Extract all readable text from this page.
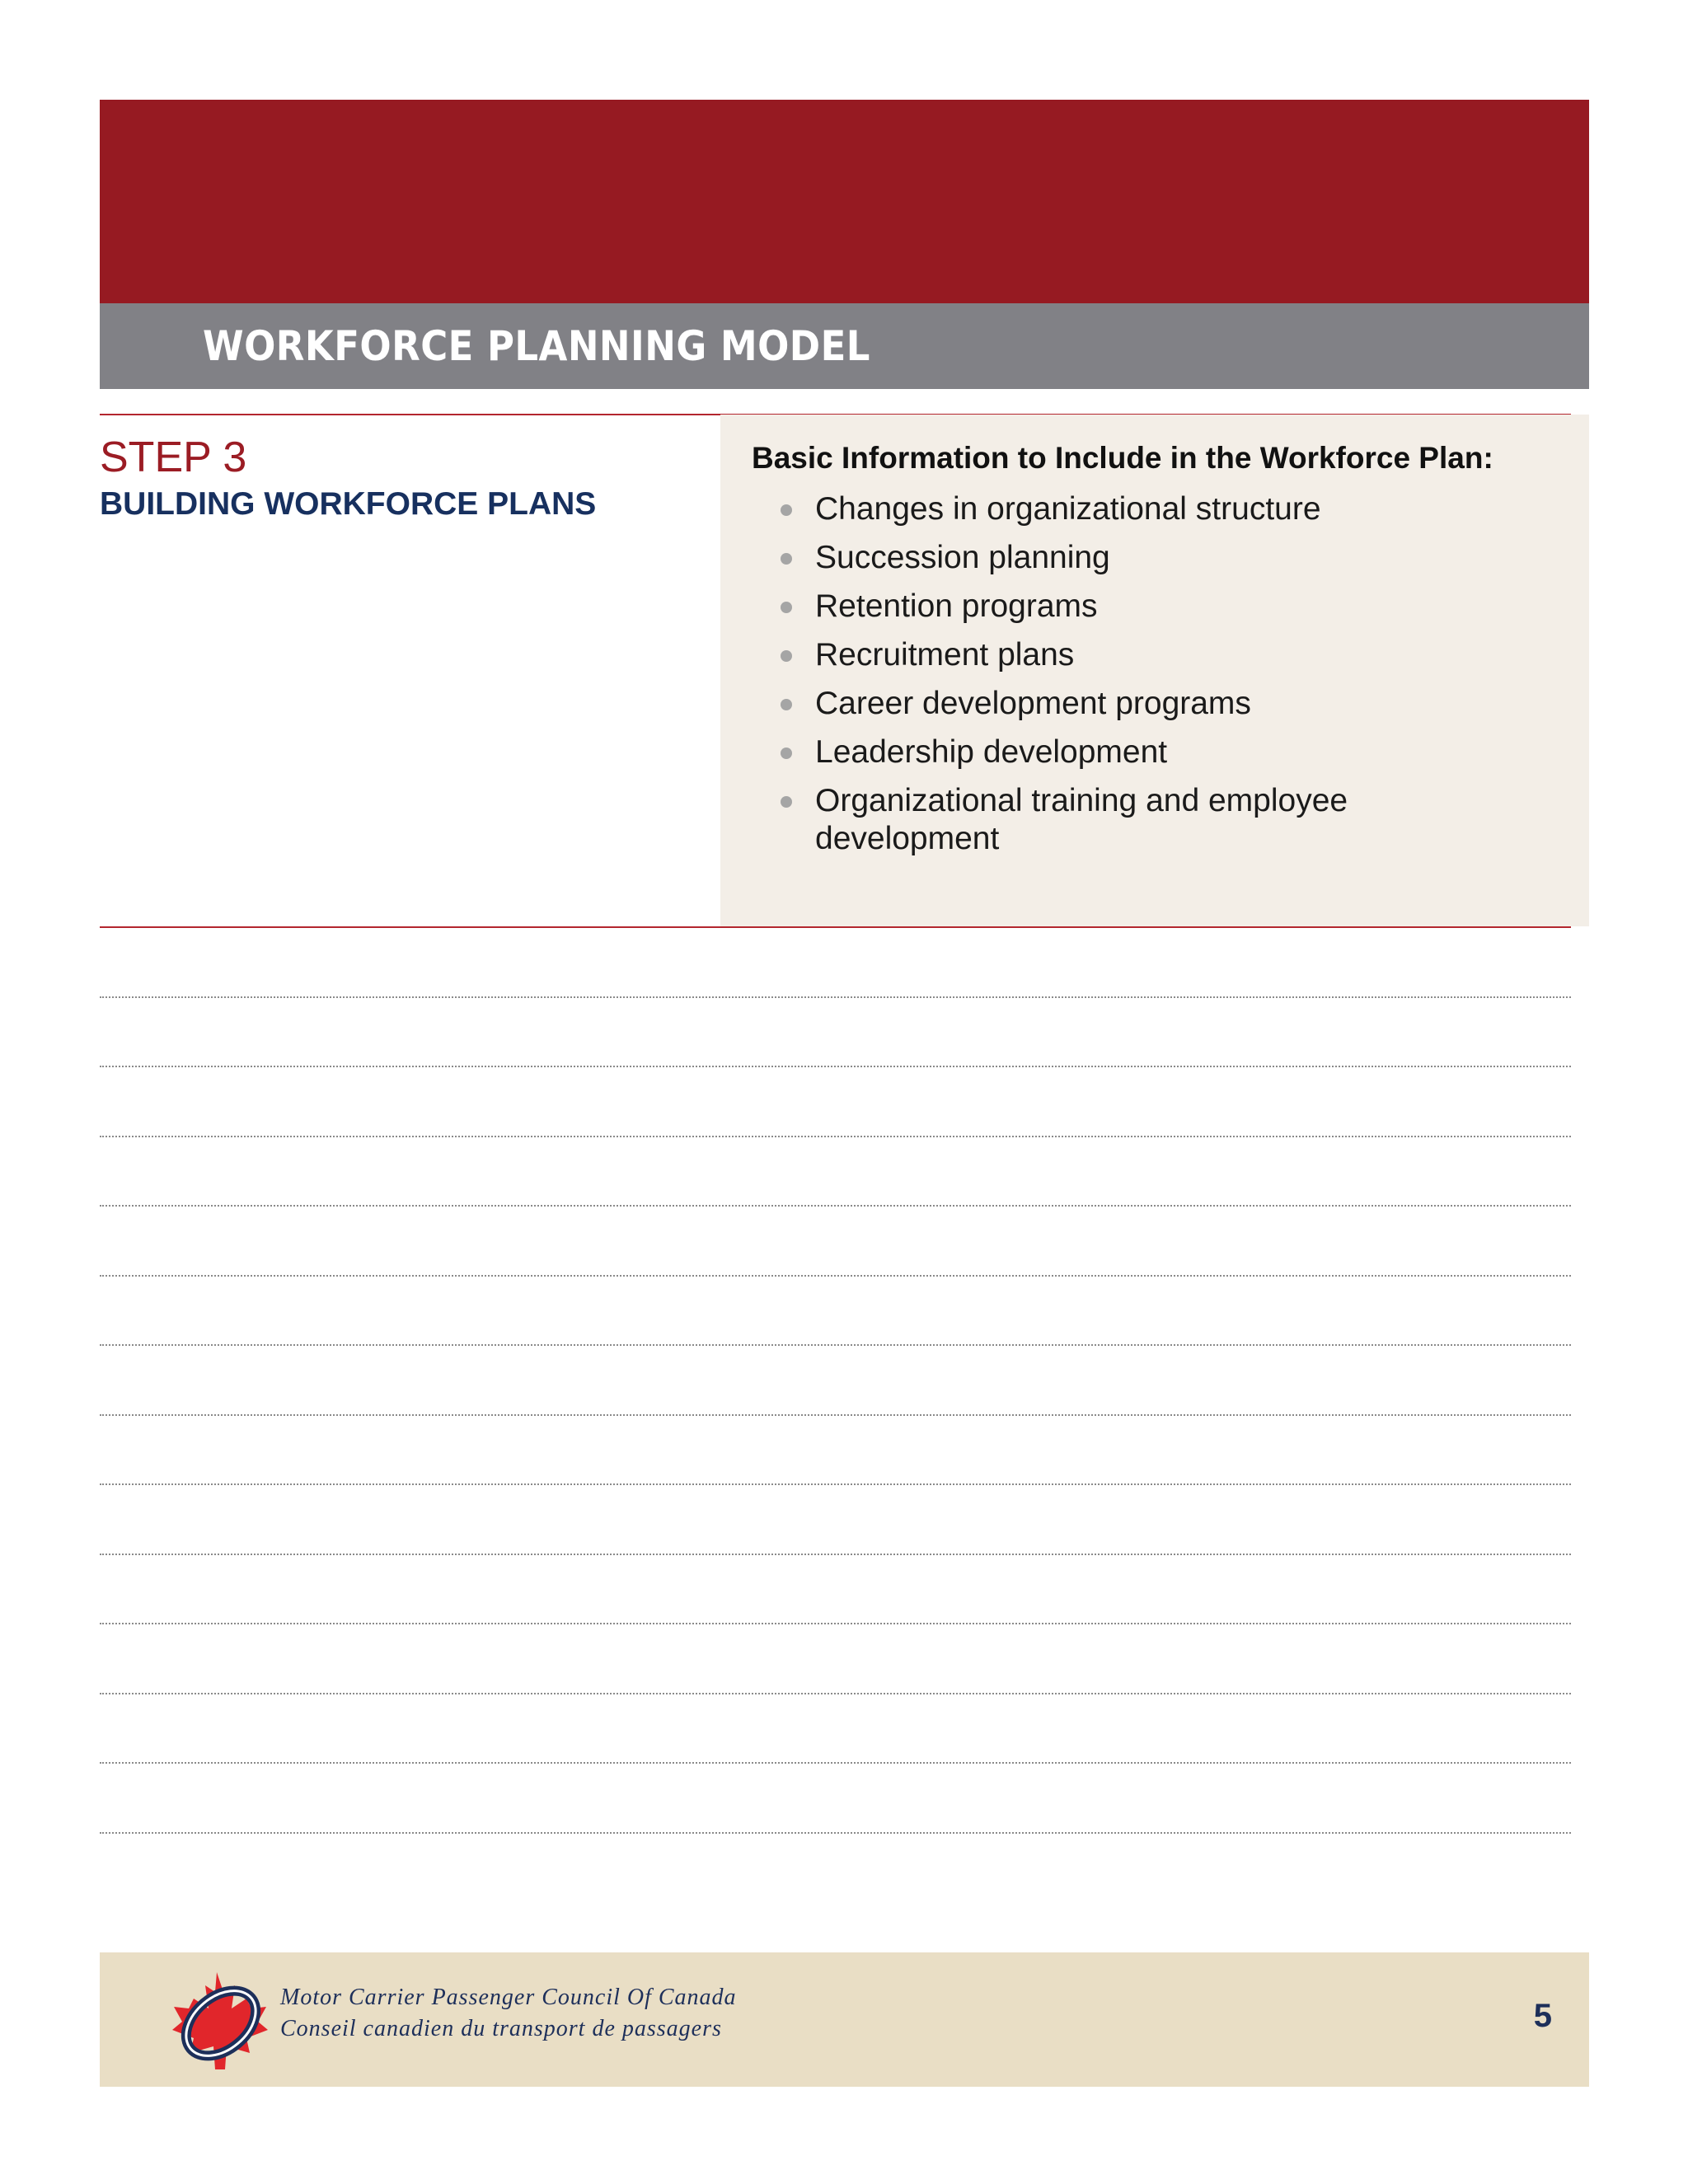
WORKFORCE PLANNING MODEL
STEP 3
BUILDING WORKFORCE PLANS

Basic Information to Include in the Workforce Plan:

Changes in organizational structure
Succession planning
Retention programs
Recruitment plans
Career development programs
Leadership development
Organizational training and employee development
Motor Carrier Passenger Council Of Canada
Conseil canadien du transport de passagers	5
